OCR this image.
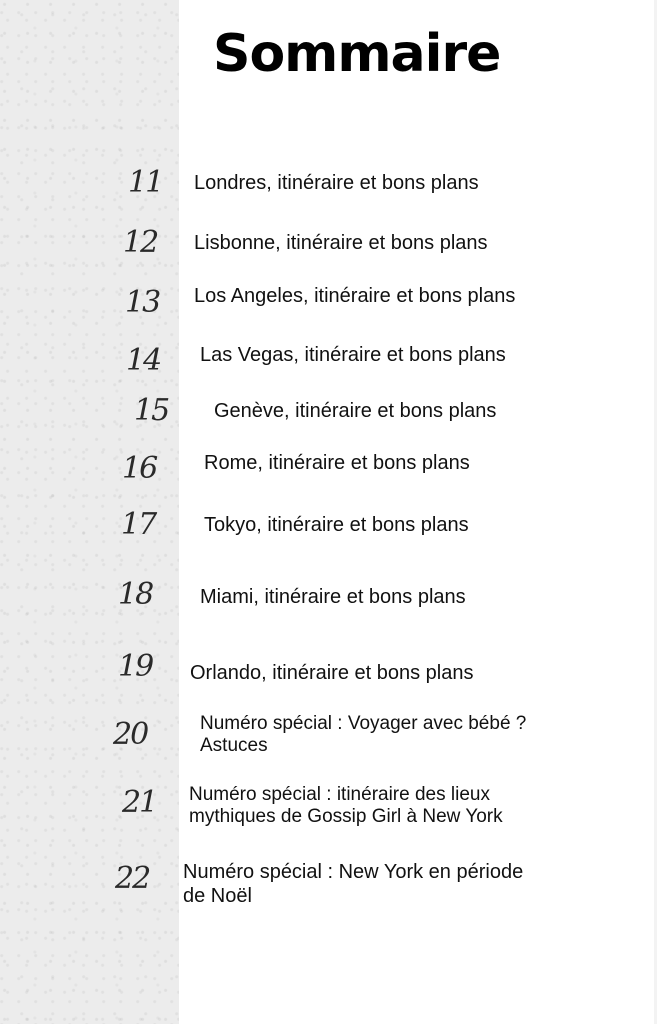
Sommaire
11 Londres, itinéraire et bons plans
12 Lisbonne, itinéraire et bons plans
13 Los Angeles, itinéraire et bons plans
14 Las Vegas, itinéraire et bons plans
15 Genève, itinéraire et bons plans
16 Rome, itinéraire et bons plans
17 Tokyo, itinéraire et bons plans
18 Miami, itinéraire et bons plans
19 Orlando, itinéraire et bons plans
20	Numéro spécial : Voyager avec bébé ?
Astuces
21 Numéro spécial : itinéraire des lieux
mythiques de Gossip Girl à New York
22 Numéro spécial : New York en période
de Noël
